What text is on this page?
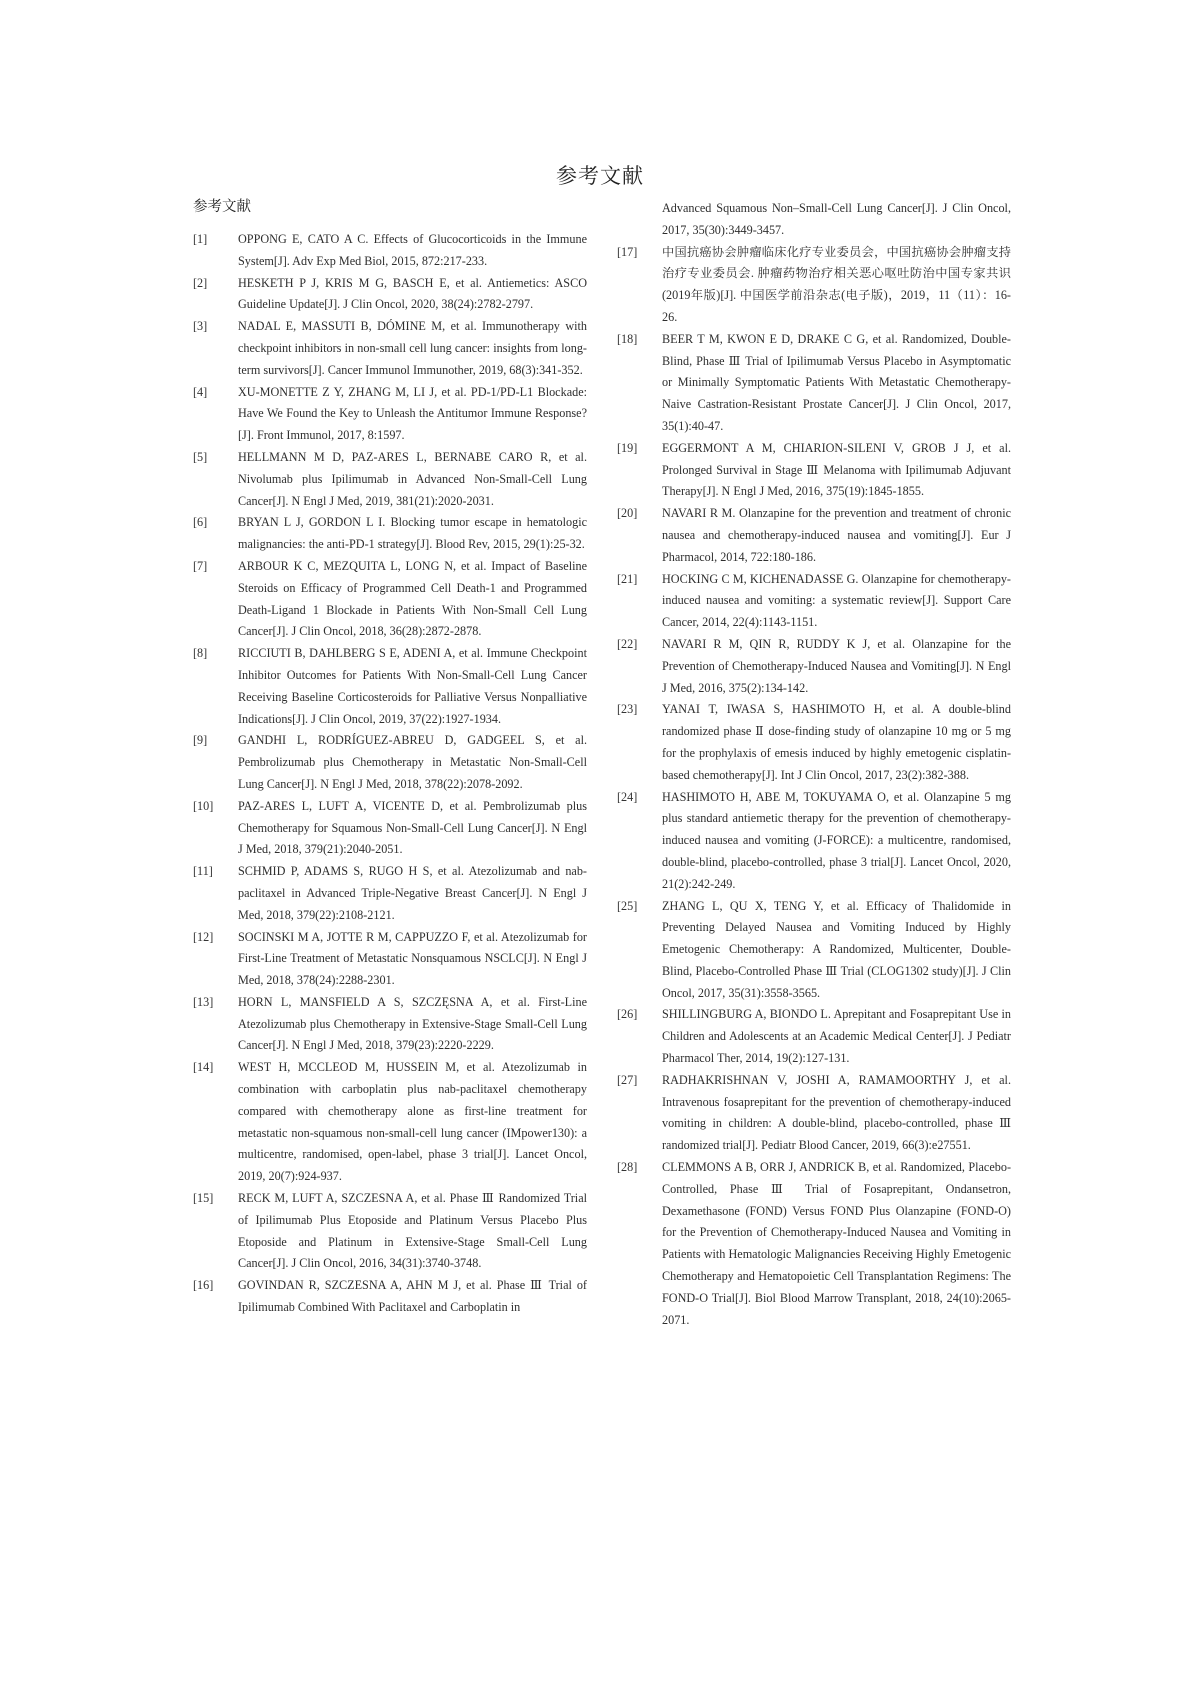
参考文献
参考文献
[1]	OPPONG E, CATO A C. Effects of Glucocorticoids in the Immune System[J]. Adv Exp Med Biol, 2015, 872:217-233.
[2]	HESKETH P J, KRIS M G, BASCH E, et al. Antiemetics: ASCO Guideline Update[J]. J Clin Oncol, 2020, 38(24):2782-2797.
[3]	NADAL E, MASSUTI B, DÓMINE M, et al. Immunotherapy with checkpoint inhibitors in non-small cell lung cancer: insights from long-term survivors[J]. Cancer Immunol Immunother, 2019, 68(3):341-352.
[4]	XU-MONETTE Z Y, ZHANG M, LI J, et al. PD-1/PD-L1 Blockade: Have We Found the Key to Unleash the Antitumor Immune Response?[J]. Front Immunol, 2017, 8:1597.
[5]	HELLMANN M D, PAZ-ARES L, BERNABE CARO R, et al. Nivolumab plus Ipilimumab in Advanced Non-Small-Cell Lung Cancer[J]. N Engl J Med, 2019, 381(21):2020-2031.
[6]	BRYAN L J, GORDON L I. Blocking tumor escape in hematologic malignancies: the anti-PD-1 strategy[J]. Blood Rev, 2015, 29(1):25-32.
[7]	ARBOUR K C, MEZQUITA L, LONG N, et al. Impact of Baseline Steroids on Efficacy of Programmed Cell Death-1 and Programmed Death-Ligand 1 Blockade in Patients With Non-Small Cell Lung Cancer[J]. J Clin Oncol, 2018, 36(28):2872-2878.
[8]	RICCIUTI B, DAHLBERG S E, ADENI A, et al. Immune Checkpoint Inhibitor Outcomes for Patients With Non-Small-Cell Lung Cancer Receiving Baseline Corticosteroids for Palliative Versus Nonpalliative Indications[J]. J Clin Oncol, 2019, 37(22):1927-1934.
[9]	GANDHI L, RODRÍGUEZ-ABREU D, GADGEEL S, et al. Pembrolizumab plus Chemotherapy in Metastatic Non-Small-Cell Lung Cancer[J]. N Engl J Med, 2018, 378(22):2078-2092.
[10]	PAZ-ARES L, LUFT A, VICENTE D, et al. Pembrolizumab plus Chemotherapy for Squamous Non-Small-Cell Lung Cancer[J]. N Engl J Med, 2018, 379(21):2040-2051.
[11]	SCHMID P, ADAMS S, RUGO H S, et al. Atezolizumab and nab-paclitaxel in Advanced Triple-Negative Breast Cancer[J]. N Engl J Med, 2018, 379(22):2108-2121.
[12]	SOCINSKI M A, JOTTE R M, CAPPUZZO F, et al. Atezolizumab for First-Line Treatment of Metastatic Nonsquamous NSCLC[J]. N Engl J Med, 2018, 378(24):2288-2301.
[13]	HORN L, MANSFIELD A S, SZCZĘSNA A, et al. First-Line Atezolizumab plus Chemotherapy in Extensive-Stage Small-Cell Lung Cancer[J]. N Engl J Med, 2018, 379(23):2220-2229.
[14]	WEST H, MCCLEOD M, HUSSEIN M, et al. Atezolizumab in combination with carboplatin plus nab-paclitaxel chemotherapy compared with chemotherapy alone as first-line treatment for metastatic non-squamous non-small-cell lung cancer (IMpower130): a multicentre, randomised, open-label, phase 3 trial[J]. Lancet Oncol, 2019, 20(7):924-937.
[15]	RECK M, LUFT A, SZCZESNA A, et al. Phase Ⅲ Randomized Trial of Ipilimumab Plus Etoposide and Platinum Versus Placebo Plus Etoposide and Platinum in Extensive-Stage Small-Cell Lung Cancer[J]. J Clin Oncol, 2016, 34(31):3740-3748.
[16]	GOVINDAN R, SZCZESNA A, AHN M J, et al. Phase Ⅲ Trial of Ipilimumab Combined With Paclitaxel and Carboplatin in
Advanced Squamous Non–Small-Cell Lung Cancer[J]. J Clin Oncol, 2017, 35(30):3449-3457.
[17]	中国抗癌协会肿瘤临床化疗专业委员会，中国抗癌协会肿瘤支持治疗专业委员会. 肿瘤药物治疗相关恶心呕吐防治中国专家共识(2019年版)[J]. 中国医学前沿杂志(电子版)，2019，11（11）：16-26.
[18]	BEER T M, KWON E D, DRAKE C G, et al. Randomized, Double-Blind, Phase Ⅲ Trial of Ipilimumab Versus Placebo in Asymptomatic or Minimally Symptomatic Patients With Metastatic Chemotherapy-Naive Castration-Resistant Prostate Cancer[J]. J Clin Oncol, 2017, 35(1):40-47.
[19]	EGGERMONT A M, CHIARION-SILENI V, GROB J J, et al. Prolonged Survival in Stage Ⅲ Melanoma with Ipilimumab Adjuvant Therapy[J]. N Engl J Med, 2016, 375(19):1845-1855.
[20]	NAVARI R M. Olanzapine for the prevention and treatment of chronic nausea and chemotherapy-induced nausea and vomiting[J]. Eur J Pharmacol, 2014, 722:180-186.
[21]	HOCKING C M, KICHENADASSE G. Olanzapine for chemotherapy-induced nausea and vomiting: a systematic review[J]. Support Care Cancer, 2014, 22(4):1143-1151.
[22]	NAVARI R M, QIN R, RUDDY K J, et al. Olanzapine for the Prevention of Chemotherapy-Induced Nausea and Vomiting[J]. N Engl J Med, 2016, 375(2):134-142.
[23]	YANAI T, IWASA S, HASHIMOTO H, et al. A double-blind randomized phase Ⅱ dose-finding study of olanzapine 10 mg or 5 mg for the prophylaxis of emesis induced by highly emetogenic cisplatin-based chemotherapy[J]. Int J Clin Oncol, 2017, 23(2):382-388.
[24]	HASHIMOTO H, ABE M, TOKUYAMA O, et al. Olanzapine 5 mg plus standard antiemetic therapy for the prevention of chemotherapy-induced nausea and vomiting (J-FORCE): a multicentre, randomised, double-blind, placebo-controlled, phase 3 trial[J]. Lancet Oncol, 2020, 21(2):242-249.
[25]	ZHANG L, QU X, TENG Y, et al. Efficacy of Thalidomide in Preventing Delayed Nausea and Vomiting Induced by Highly Emetogenic Chemotherapy: A Randomized, Multicenter, Double-Blind, Placebo-Controlled Phase Ⅲ Trial (CLOG1302 study)[J]. J Clin Oncol, 2017, 35(31):3558-3565.
[26]	SHILLINGBURG A, BIONDO L. Aprepitant and Fosaprepitant Use in Children and Adolescents at an Academic Medical Center[J]. J Pediatr Pharmacol Ther, 2014, 19(2):127-131.
[27]	RADHAKRISHNAN V, JOSHI A, RAMAMOORTHY J, et al. Intravenous fosaprepitant for the prevention of chemotherapy-induced vomiting in children: A double-blind, placebo-controlled, phase Ⅲ randomized trial[J]. Pediatr Blood Cancer, 2019, 66(3):e27551.
[28]	CLEMMONS A B, ORR J, ANDRICK B, et al. Randomized, Placebo-Controlled, Phase Ⅲ Trial of Fosaprepitant, Ondansetron, Dexamethasone (FOND) Versus FOND Plus Olanzapine (FOND-O) for the Prevention of Chemotherapy-Induced Nausea and Vomiting in Patients with Hematologic Malignancies Receiving Highly Emetogenic Chemotherapy and Hematopoietic Cell Transplantation Regimens: The FOND-O Trial[J]. Biol Blood Marrow Transplant, 2018, 24(10):2065-2071.
